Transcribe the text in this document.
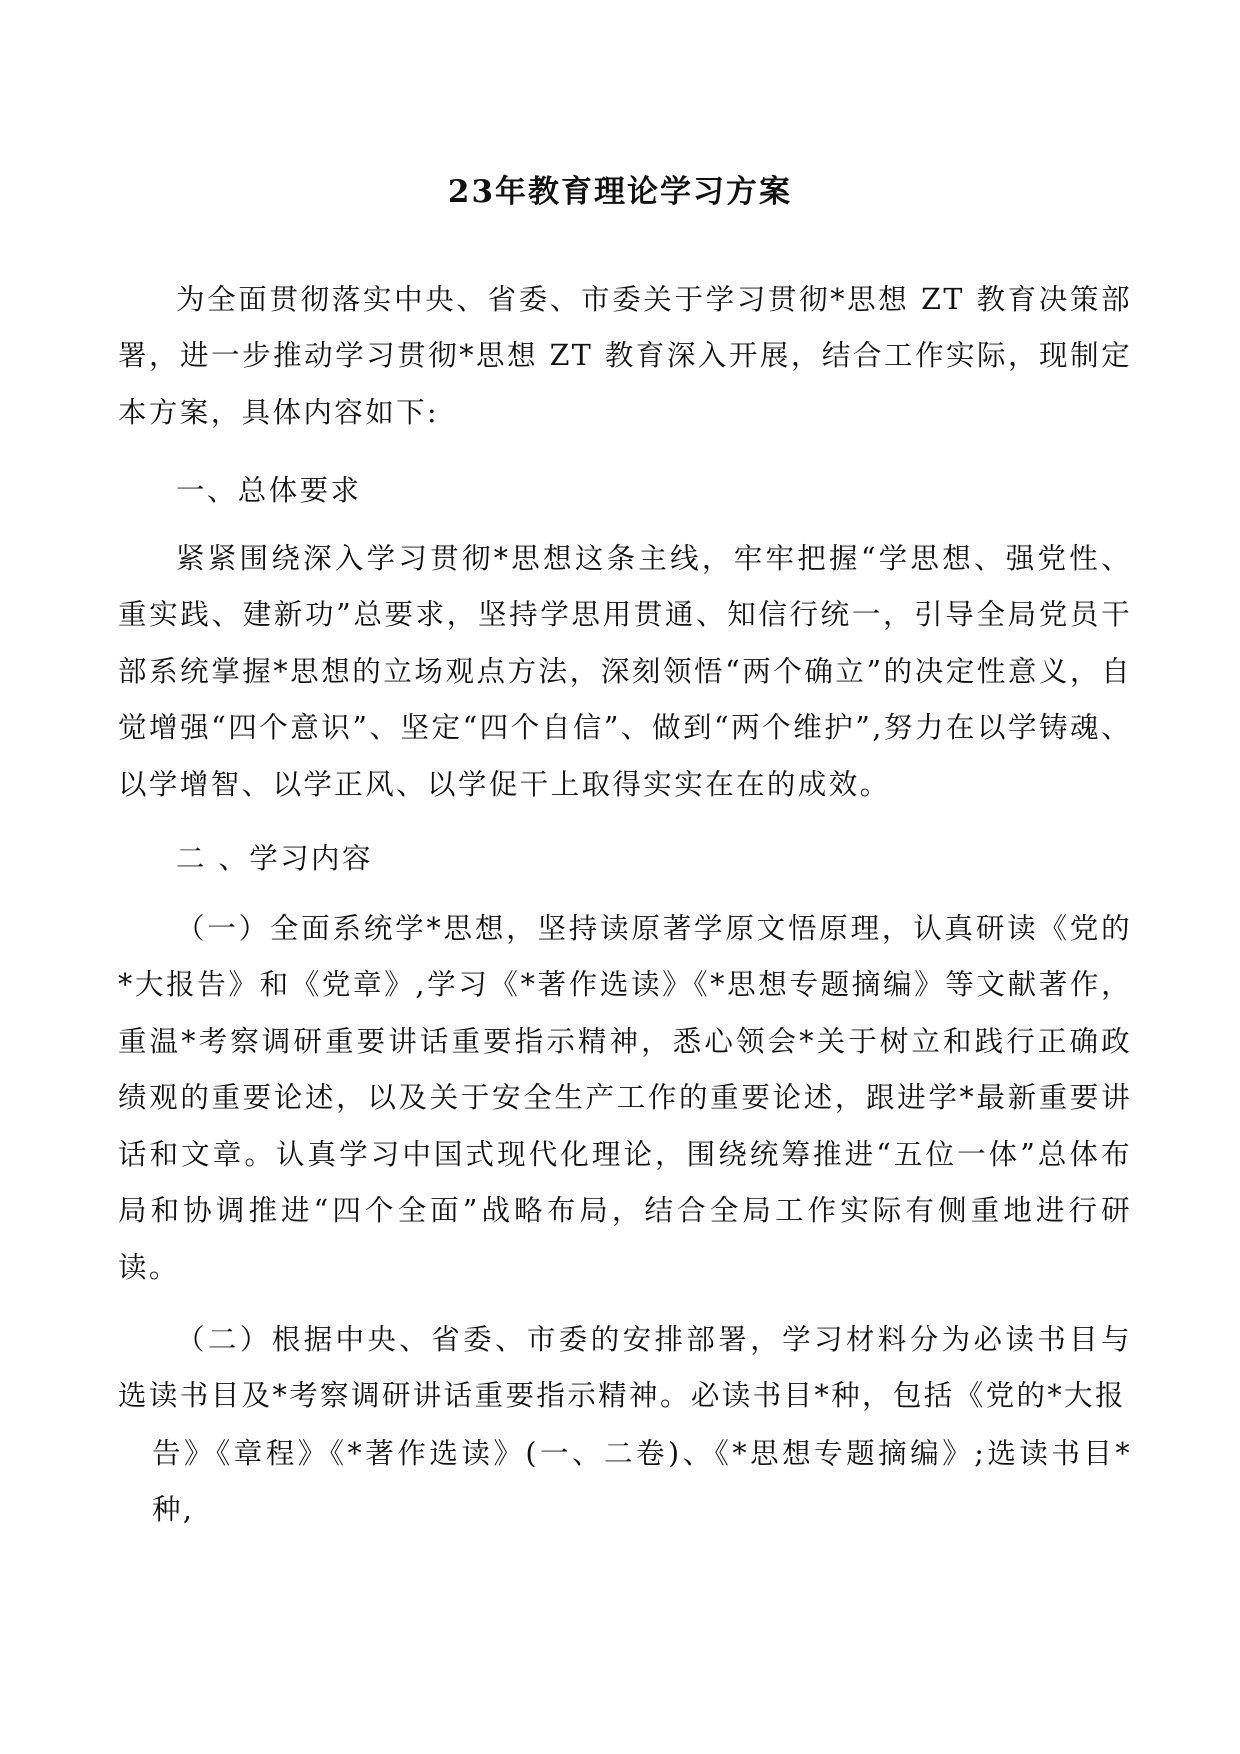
23年教育理论学习方案

为全面贯彻落实中央、省委、市委关于学习贯彻*思想 ZT 教育决策部署，进一步推动学习贯彻*思想 ZT 教育深入开展，结合工作实际，现制定本方案，具体内容如下:

一、总体要求

紧紧围绕深入学习贯彻*思想这条主线，牢牢把握“学思想、强党性、重实践、建新功”总要求，坚持学思用贯通、知信行统一，引导全局党员干部系统掌握*思想的立场观点方法，深刻领悟“两个确立”的决定性意义，自觉增强“四个意识”、坚定“四个自信”、做到“两个维护”,努力在以学铸魂、以学增智、以学正风、以学促干上取得实实在在的成效。

二 、学习内容

（一）全面系统学*思想，坚持读原著学原文悟原理，认真研读《党的*大报告》和《党章》,学习《*著作选读》《*思想专题摘编》等文献著作，重温*考察调研重要讲话重要指示精神，悉心领会*关于树立和践行正确政绩观的重要论述，以及关于安全生产工作的重要论述，跟进学*最新重要讲话和文章。认真学习中国式现代化理论，围绕统筹推进“五位一体”总体布局和协调推进“四个全面”战略布局，结合全局工作实际有侧重地进行研读。

（二）根据中央、省委、市委的安排部署，学习材料分为必读书目与选读书目及*考察调研讲话重要指示精神。必读书目*种，包括《党的*大报

告》《章程》《*著作选读》(一、二卷)、《*思想专题摘编》;选读书目*种,
